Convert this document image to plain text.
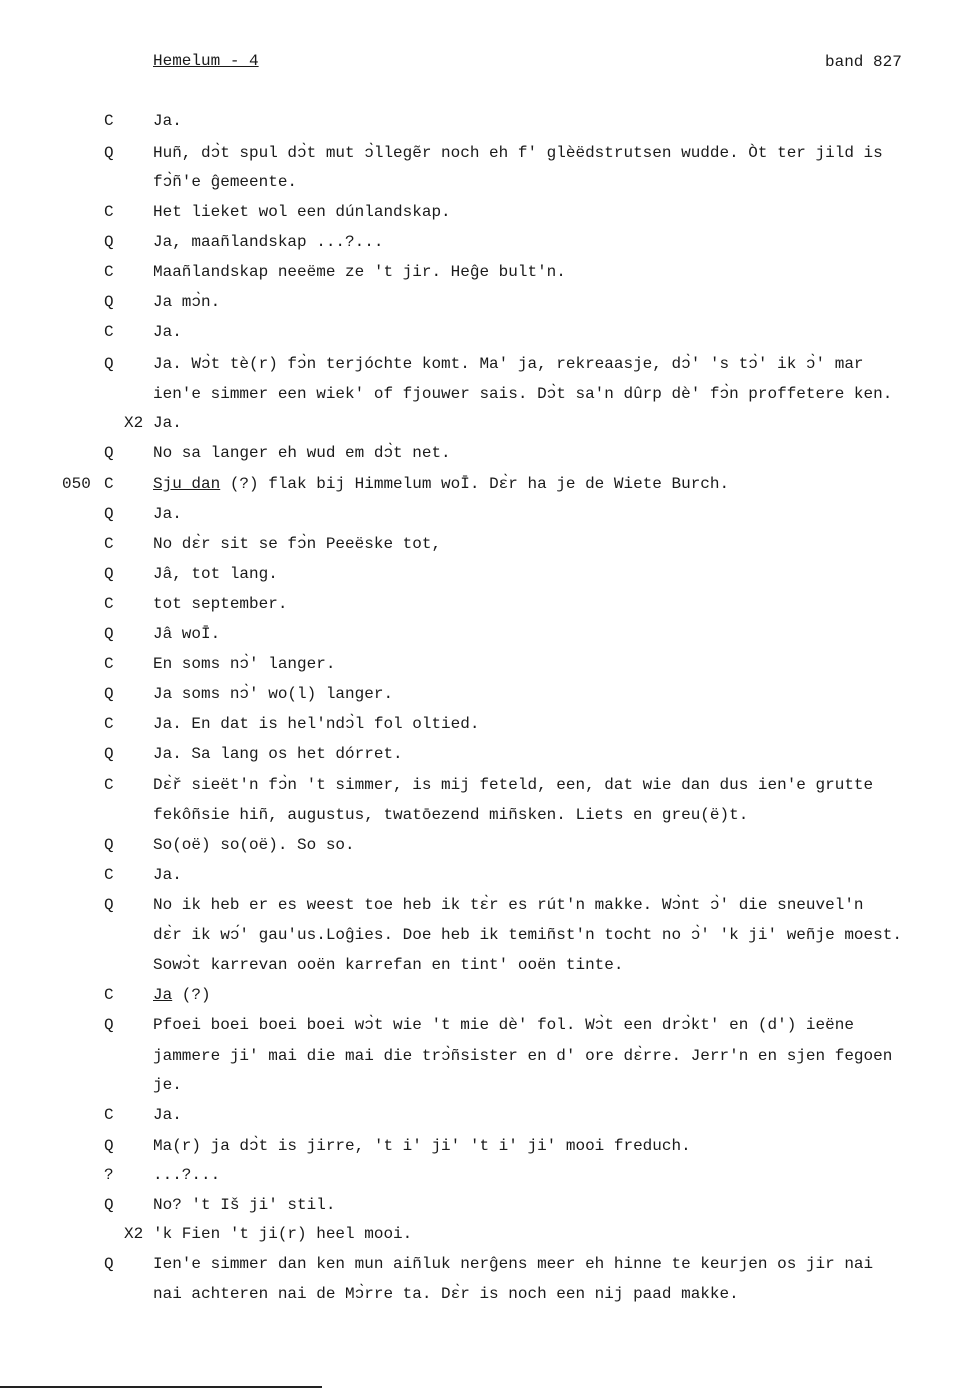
Hemelum - 4	band 827
C	Ja.
Q	Huñ, dɔ̀t spul dɔ̀t mut ɔ̀llegẽr noch eh f' glèëdstrutsen wudde. Òt ter jild is
fɔ̀ñ'e ĝemeente.
C	Het lieket wol een dúnlandskap.
Q	Ja, maañlandskap ...?...
C	Maañlandskap neeëme ze 't jir. Heĝe bult'n.
Q	Ja mɔ̀n.
C	Ja.
Q	Ja. Wɔ̀t tè(r) fɔ̀n terjóchte komt. Ma' ja, rekreaasje, dɔ̀' 's tɔ̀' ik ɔ̀' mar
ien'e simmer een wiek' of fjouwer sais. Dɔ̀t sa'n dûrp dè' fɔ̀n proffetere ken.
X2 Ja.
Q	No sa langer eh wud em dɔ̀t net.
050 C	Sju dan (?) flak bij Himmelum woĪ. Dɛ̀r ha je de Wiete Burch.
Q	Ja.
C	No dɛ̀r sit se fɔ̀n Peeëske tot,
Q	Jâ, tot lang.
C	tot september.
Q	Jâ woĪ.
C	En soms nɔ̀' langer.
Q	Ja soms nɔ̀' wo(l) langer.
C	Ja. En dat is hel'ndɔ̀l fol oltied.
Q	Ja. Sa lang os het dórret.
C	Dɛ̀ř sieët'n fɔ̀n 't simmer, is mij feteld, een, dat wie dan dus ien'e grutte
fekôñsie hiñ, augustus, twatōezend miñsken. Liets en greu(ë)t.
Q	So(oë) so(oë). So so.
C	Ja.
Q	No ik heb er es weest toe heb ik tɛ̀r es rút'n makke. Wɔ̀nt ɔ̀' die sneuvel'n
dɛ̀r ik wɔ́' gau'us.Loĝies. Doe heb ik temiñst'n tocht no ɔ̀' 'k ji' weñje moest.
Sowɔ̀t karrevan ooën karrefan en tint' ooën tinte.
C	Ja (?)
Q	Pfoei boei boei boei wɔ̀t wie 't mie dè' fol. Wɔ̀t een drɔ̀kt' en (d') ieëne
jammere ji' mai die mai die trɔ̀ñsister en d' ore dɛ̀rre. Jerr'n en sjen fegoen
je.
C	Ja.
Q	Ma(r) ja dɔ̀t is jirre, 't i' ji' 't i' ji' mooi freduch.
?	...?...
Q	No? 't Iš ji' stil.
X2 'k Fien 't ji(r) heel mooi.
Q	Ien'e simmer dan ken mun aiñluk nerĝens meer eh hinne te keurjen os jir nai
nai achteren nai de Mɔ̀rre ta. Dɛ̀r is noch een nij paad makke.
